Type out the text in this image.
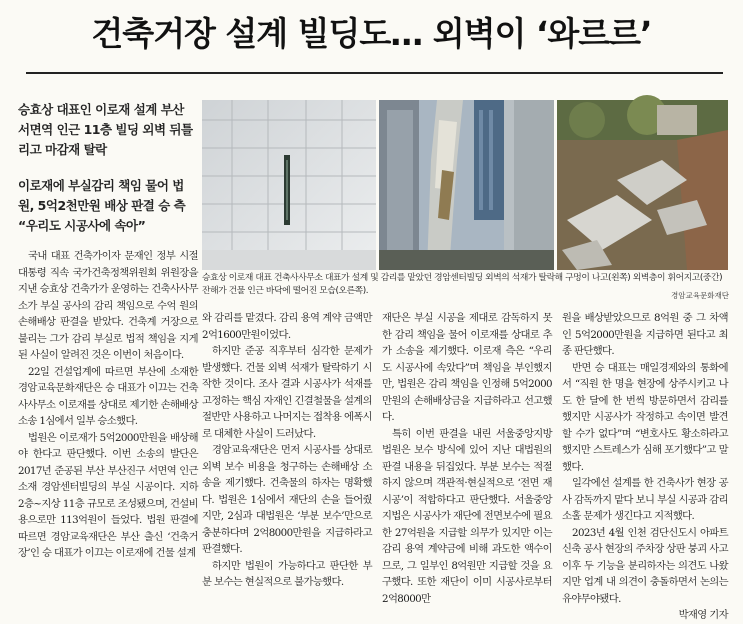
건축거장 설계 빌딩도… 외벽이 ‘와르르’
승효상 대표인 이로재 설계 부산 서면역 인근 11층 빌딩 외벽 뒤틀리고 마감재 탈락
이로재에 부실감리 책임 물어 법원, 5억2천만원 배상 판결 승 측 “우리도 시공사에 속아”
승효상 이로재 대표 건축사사무소 대표가 설계 및 감리를 맡았던 경암센터빌딩 외벽의 석재가 탈락해 구멍이 나고(왼쪽) 외벽층이 휘어지고(중간) 잔해가 건물 인근 바닥에 떨어진 모습(오른쪽).	경암교육문화재단

국내 대표 건축가이자 문재인 정부 시절 대통령 직속 국가건축정책위원회 위원장을 지낸 승효상 건축가가 운영하는 건축사사무소가 부실 공사의 감리 책임으로 수억 원의 손해배상 판결을 받았다. 건축계 거장으로 불리는 그가 감리 부실로 법적 책임을 지게 된 사실이 알려진 것은 이번이 처음이다.

22일 건설업계에 따르면 부산에 소재한 경암교육문화재단은 승 대표가 이끄는 건축사사무소 이로재를 상대로 제기한 손해배상 소송 1심에서 일부 승소했다.

법원은 이로재가 5억2000만원을 배상해야 한다고 판단했다. 이번 소송의 발단은 2017년 준공된 부산 부산진구 서면역 인근 소재 경암센터빌딩의 부실 시공이다. 지하 2층~지상 11층 규모로 조성됐으며, 건설비용으로만 113억원이 들었다. 법원 판결에 따르면 경암교육재단은 부산 출신 ‘건축거장’인 승 대표가 이끄는 이로재에 건물 설계

와 감리를 맡겼다. 감리 용역 계약 금액만 2억1600만원이었다.

하지만 준공 직후부터 심각한 문제가 발생했다. 건물 외벽 석재가 탈락하기 시작한 것이다. 조사 결과 시공사가 석재를 고정하는 핵심 자재인 긴결철물을 설계의 절반만 사용하고 나머지는 접착용 에폭시로 대체한 사실이 드러났다.

경암교육재단은 먼저 시공사를 상대로 외벽 보수 비용을 청구하는 손해배상 소송을 제기했다. 건축물의 하자는 명확했다. 법원은 1심에서 재단의 손을 들어줬지만, 2심과 대법원은 ‘부분 보수’만으로 충분하다며 2억8000만원을 지급하라고 판결했다.

하지만 법원이 가능하다고 판단한 부분 보수는 현실적으로 불가능했다.

재단은 부실 시공을 제대로 감독하지 못한 감리 책임을 물어 이로재를 상대로 추가 소송을 제기했다. 이로재 측은 “우리도 시공사에 속았다”며 책임을 부인했지만, 법원은 감리 책임을 인정해 5억2000만원의 손해배상금을 지급하라고 선고했다.

특히 이번 판결을 내린 서울중앙지방법원은 보수 방식에 있어 지난 대법원의 판결 내용을 뒤집었다. 부분 보수는 적절하지 않으며 객관적·현실적으로 ‘전면 재시공’이 적합하다고 판단했다. 서울중앙지법은 시공사가 재단에 전면보수에 필요한 27억원을 지급할 의무가 있지만 이는 감리 용역 계약금에 비해 과도한 액수이므로, 그 일부인 8억원만 지급할 것을 요구했다. 또한 재단이 이미 시공사로부터 2억8000만

원을 배상받았으므로 8억원 중 그 차액인 5억2000만원을 지급하면 된다고 최종 판단했다.

반면 승 대표는 매일경제와의 통화에서 “직원 한 명을 현장에 상주시키고 나도 한 달에 한 번씩 방문하면서 감리를 했지만 시공사가 작정하고 속이면 발견할 수가 없다”며 “변호사도 황소하라고 했지만 스트레스가 심해 포기했다”고 말했다.

일각에선 설계를 한 건축사가 현장 공사 감독까지 맡다 보니 부실 시공과 감리 소홀 문제가 생긴다고 지적했다.

2023년 4월 인천 검단신도시 아파트 신축 공사 현장의 주차장 상판 붕괴 사고 이후 두 기능을 분리하자는 의견도 나왔지만 업계 내 의견이 충돌하면서 논의는 유야무야됐다.

박재영 기자
